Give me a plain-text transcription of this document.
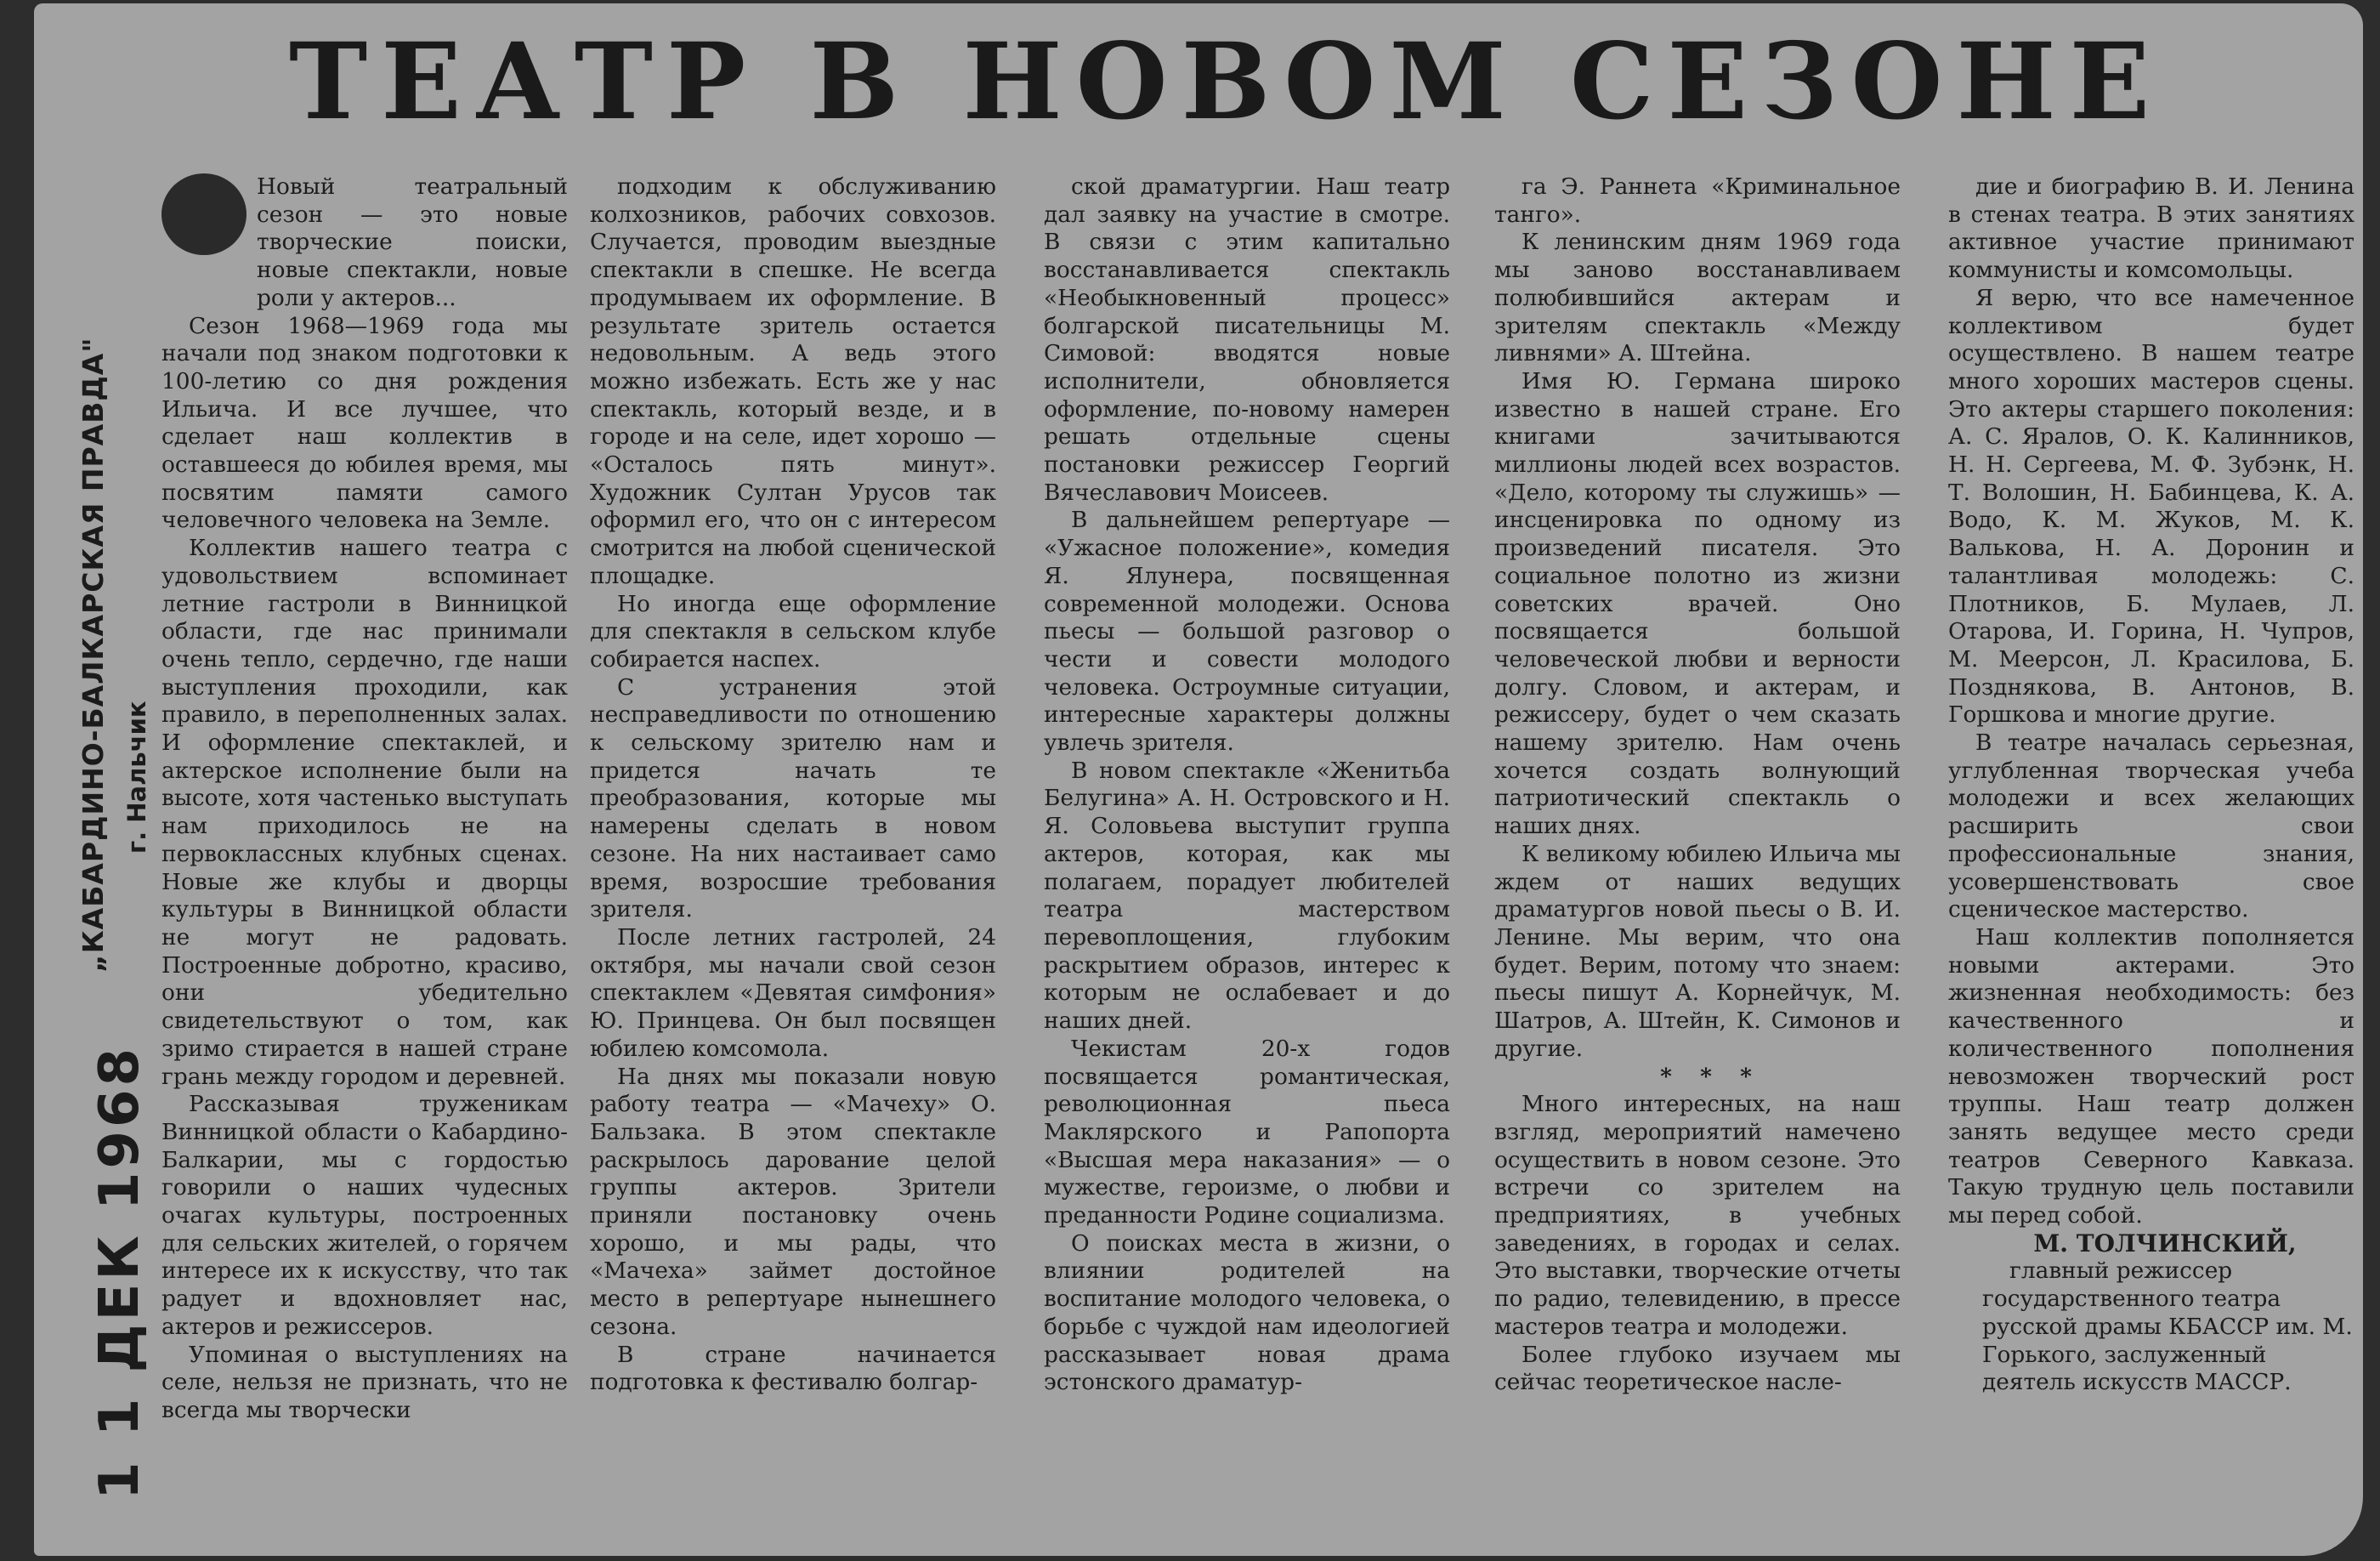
„КАБАРДИНО-БАЛКАРСКАЯ ПРАВДА" г. Нальчик
1 1 ДЕК 1968
ТЕАТР В НОВОМ СЕЗОНЕ

Новый театральный сезон — это новые творческие поиски, новые спектакли, новые роли у актеров...

Сезон 1968—1969 года мы начали под знаком подготовки к 100-летию со дня рождения Ильича. И все лучшее, что сделает наш коллектив в оставшееся до юбилея время, мы посвятим памяти самого человечного человека на Земле.

Коллектив нашего театра с удовольствием вспоминает летние гастроли в Винницкой области, где нас принимали очень тепло, сердечно, где наши выступления проходили, как правило, в переполненных залах. И оформление спектаклей, и актерское исполнение были на высоте, хотя частенько выступать нам приходилось не на первоклассных клубных сценах. Новые же клубы и дворцы культуры в Винницкой области не могут не радовать. Построенные добротно, красиво, они убедительно свидетельствуют о том, как зримо стирается в нашей стране грань между городом и деревней.

Рассказывая труженикам Винницкой области о Кабардино-Балкарии, мы с гордостью говорили о наших чудесных очагах культуры, построенных для сельских жителей, о горячем интересе их к искусству, что так радует и вдохновляет нас, актеров и режиссеров.

Упоминая о выступлениях на селе, нельзя не признать, что не всегда мы творчески

подходим к обслуживанию колхозников, рабочих совхозов. Случается, проводим выездные спектакли в спешке. Не всегда продумываем их оформление. В результате зритель остается недовольным. А ведь этого можно избежать. Есть же у нас спектакль, который везде, и в городе и на селе, идет хорошо — «Осталось пять минут». Художник Султан Урусов так оформил его, что он с интересом смотрится на любой сценической площадке.

Но иногда еще оформление для спектакля в сельском клубе собирается наспех.

С устранения этой несправедливости по отношению к сельскому зрителю нам и придется начать те преобразования, которые мы намерены сделать в новом сезоне. На них настаивает само время, возросшие требования зрителя.

После летних гастролей, 24 октября, мы начали свой сезон спектаклем «Девятая симфония» Ю. Принцева. Он был посвящен юбилею комсомола.

На днях мы показали новую работу театра — «Мачеху» О. Бальзака. В этом спектакле раскрылось дарование целой группы актеров. Зрители приняли постановку очень хорошо, и мы рады, что «Мачеха» займет достойное место в репертуаре нынешнего сезона.

В стране начинается подготовка к фестивалю болгар-

ской драматургии. Наш театр дал заявку на участие в смотре. В связи с этим капитально восстанавливается спектакль «Необыкновенный процесс» болгарской писательницы М. Симовой: вводятся новые исполнители, обновляется оформление, по-новому намерен решать отдельные сцены постановки режиссер Георгий Вячеславович Моисеев.

В дальнейшем репертуаре — «Ужасное положение», комедия Я. Ялунера, посвященная современной молодежи. Основа пьесы — большой разговор о чести и совести молодого человека. Остроумные ситуации, интересные характеры должны увлечь зрителя.

В новом спектакле «Женитьба Белугина» А. Н. Островского и Н. Я. Соловьева выступит группа актеров, которая, как мы полагаем, порадует любителей театра мастерством перевоплощения, глубоким раскрытием образов, интерес к которым не ослабевает и до наших дней.

Чекистам 20-х годов посвящается романтическая, революционная пьеса Маклярского и Рапопорта «Высшая мера наказания» — о мужестве, героизме, о любви и преданности Родине социализма.

О поисках места в жизни, о влиянии родителей на воспитание молодого человека, о борьбе с чуждой нам идеологией рассказывает новая драма эстонского драматур-

га Э. Раннета «Криминальное танго».

К ленинским дням 1969 года мы заново восстанавливаем полюбившийся актерам и зрителям спектакль «Между ливнями» А. Штейна.

Имя Ю. Германа широко известно в нашей стране. Его книгами зачитываются миллионы людей всех возрастов. «Дело, которому ты служишь» — инсценировка по одному из произведений писателя. Это социальное полотно из жизни советских врачей. Оно посвящается большой человеческой любви и верности долгу. Словом, и актерам, и режиссеру, будет о чем сказать нашему зрителю. Нам очень хочется создать волнующий патриотический спектакль о наших днях.

К великому юбилею Ильича мы ждем от наших ведущих драматургов новой пьесы о В. И. Ленине. Мы верим, что она будет. Верим, потому что знаем: пьесы пишут А. Корнейчук, М. Шатров, А. Штейн, К. Симонов и другие.

* * *

Много интересных, на наш взгляд, мероприятий намечено осуществить в новом сезоне. Это встречи со зрителем на предприятиях, в учебных заведениях, в городах и селах. Это выставки, творческие отчеты по радио, телевидению, в прессе мастеров театра и молодежи.

Более глубоко изучаем мы сейчас теоретическое насле-

дие и биографию В. И. Ленина в стенах театра. В этих занятиях активное участие принимают коммунисты и комсомольцы.

Я верю, что все намеченное коллективом будет осуществлено. В нашем театре много хороших мастеров сцены. Это актеры старшего поколения: А. С. Яралов, О. К. Калинников, Н. Н. Сергеева, М. Ф. Зубэнк, Н. Т. Волошин, Н. Бабинцева, К. А. Водо, К. М. Жуков, М. К. Валькова, Н. А. Доронин и талантливая молодежь: С. Плотников, Б. Мулаев, Л. Отарова, И. Горина, Н. Чупров, М. Меерсон, Л. Красилова, Б. Позднякова, В. Антонов, В. Горшкова и многие другие.

В театре началась серьезная, углубленная творческая учеба молодежи и всех желающих расширить свои профессиональные знания, усовершенствовать свое сценическое мастерство.

Наш коллектив пополняется новыми актерами. Это жизненная необходимость: без качественного и количественного пополнения невозможен творческий рост труппы. Наш театр должен занять ведущее место среди театров Северного Кавказа. Такую трудную цель поставили мы перед собой.

М. ТОЛЧИНСКИЙ,

главный режиссер государственного театра русской драмы КБАССР им. М. Горького, заслуженный деятель искусств МАССР.
